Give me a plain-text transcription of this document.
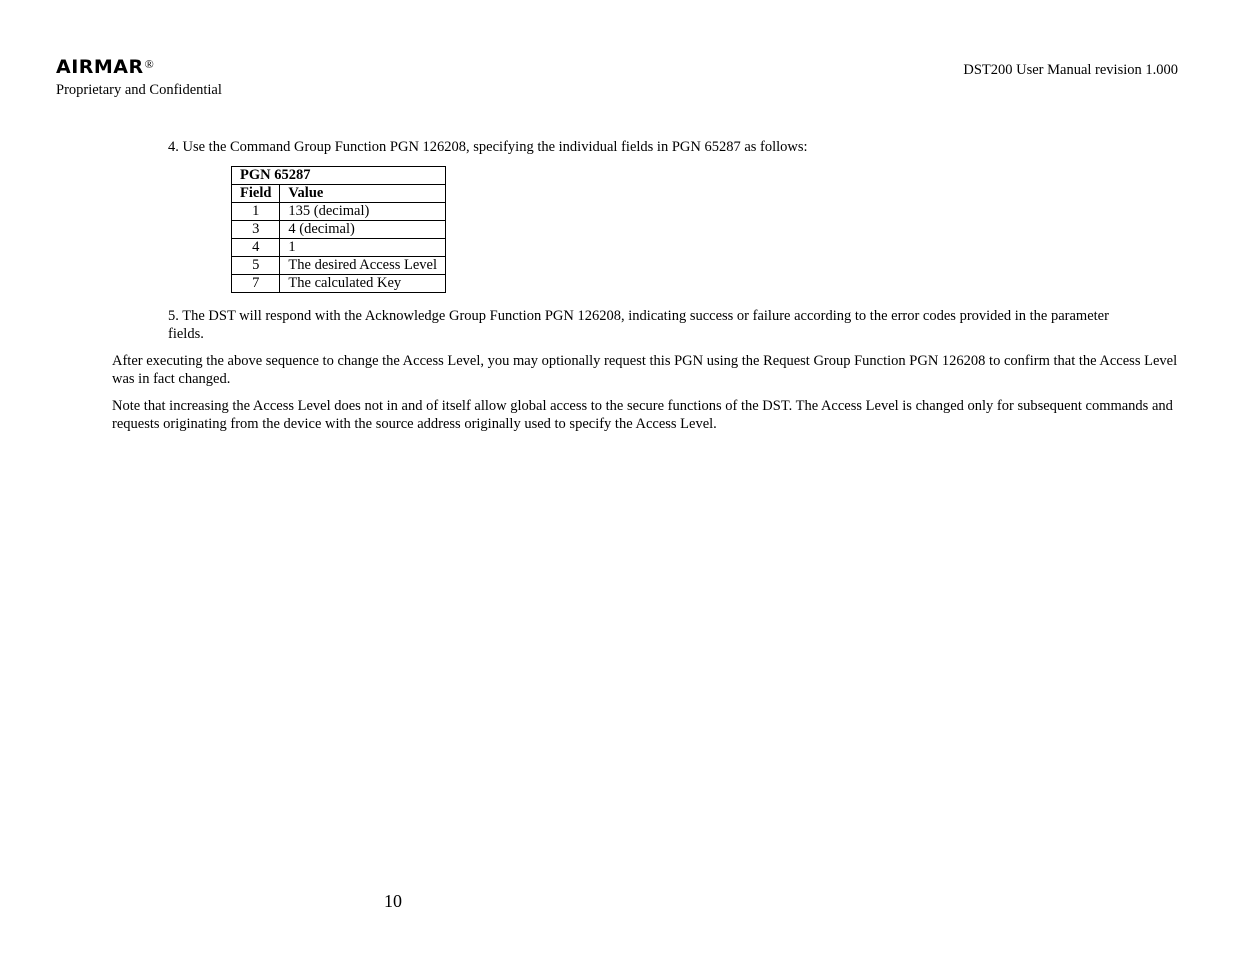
AIRMAR®
Proprietary and Confidential
DST200 User Manual revision 1.000
4. Use the Command Group Function PGN 126208, specifying the individual fields in PGN 65287 as follows:
PGN 65287	
Field	Value
1	135 (decimal)
3	4 (decimal)
4	1
5	The desired Access Level
7	The calculated Key
5. The DST will respond with the Acknowledge Group Function PGN 126208, indicating success or failure according to the error codes provided in the parameter fields.
After executing the above sequence to change the Access Level, you may optionally request this PGN using the Request Group Function PGN 126208 to confirm that the Access Level was in fact changed.
Note that increasing the Access Level does not in and of itself allow global access to the secure functions of the DST. The Access Level is changed only for subsequent commands and requests originating from the device with the source address originally used to specify the Access Level.
10
